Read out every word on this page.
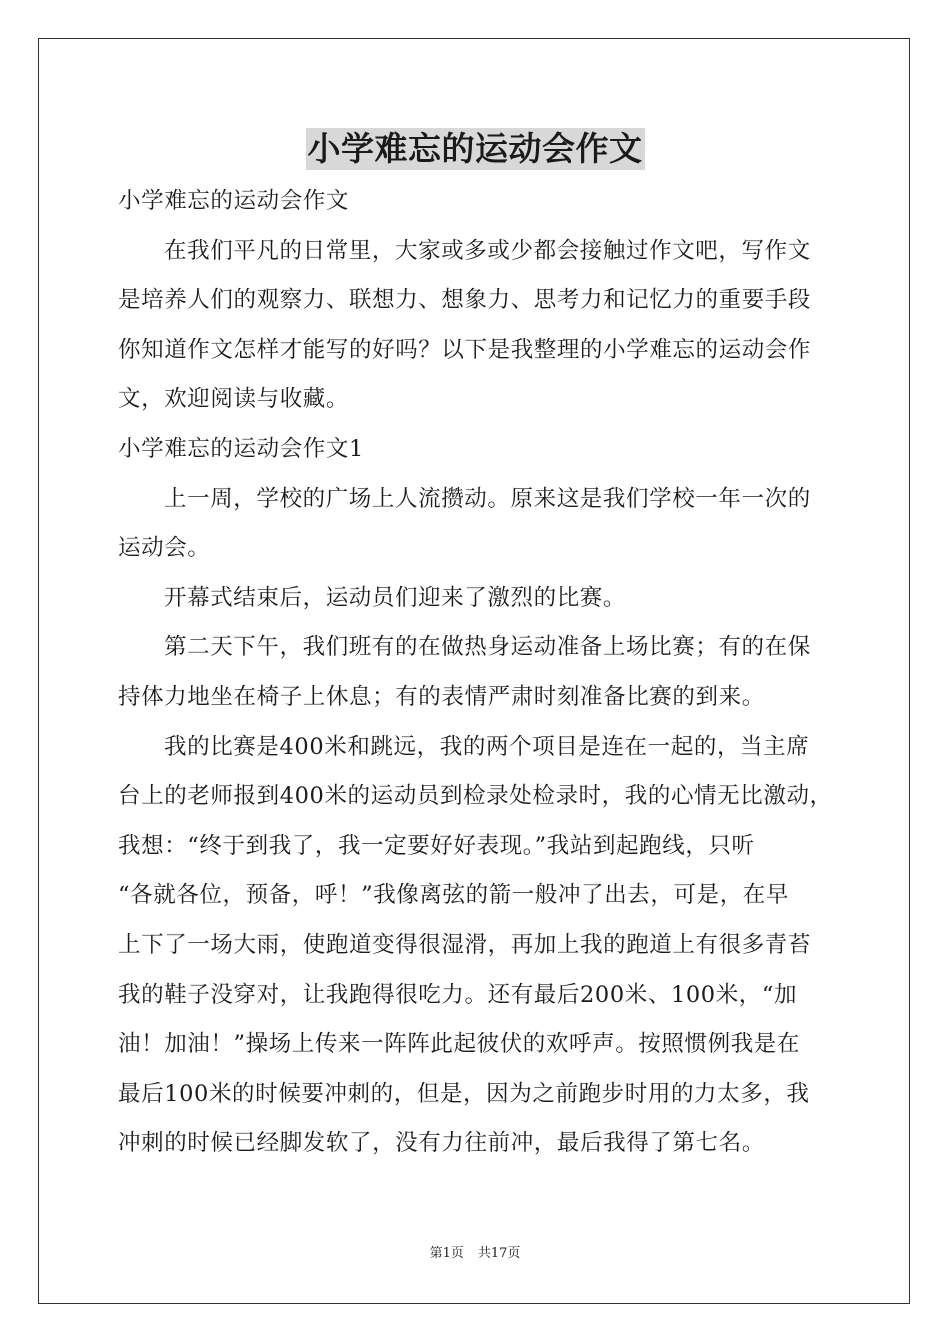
小学难忘的运动会作文
小学难忘的运动会作文
在我们平凡的日常里，大家或多或少都会接触过作文吧，写作文
是培养人们的观察力、联想力、想象力、思考力和记忆力的重要手段
你知道作文怎样才能写的好吗？以下是我整理的小学难忘的运动会作
文，欢迎阅读与收藏。
小学难忘的运动会作文1
上一周，学校的广场上人流攒动。原来这是我们学校一年一次的
运动会。
开幕式结束后，运动员们迎来了激烈的比赛。
第二天下午，我们班有的在做热身运动准备上场比赛；有的在保
持体力地坐在椅子上休息；有的表情严肃时刻准备比赛的到来。
我的比赛是400米和跳远，我的两个项目是连在一起的，当主席
台上的老师报到400米的运动员到检录处检录时，我的心情无比激动，
我想：“终于到我了，我一定要好好表现。”我站到起跑线，只听
“各就各位，预备，呼！”我像离弦的箭一般冲了出去，可是，在早
上下了一场大雨，使跑道变得很湿滑，再加上我的跑道上有很多青苔
我的鞋子没穿对，让我跑得很吃力。还有最后200米、100米，“加
油！加油！”操场上传来一阵阵此起彼伏的欢呼声。按照惯例我是在
最后100米的时候要冲刺的，但是，因为之前跑步时用的力太多，我
冲刺的时候已经脚发软了，没有力往前冲，最后我得了第七名。
第1页 共17页
